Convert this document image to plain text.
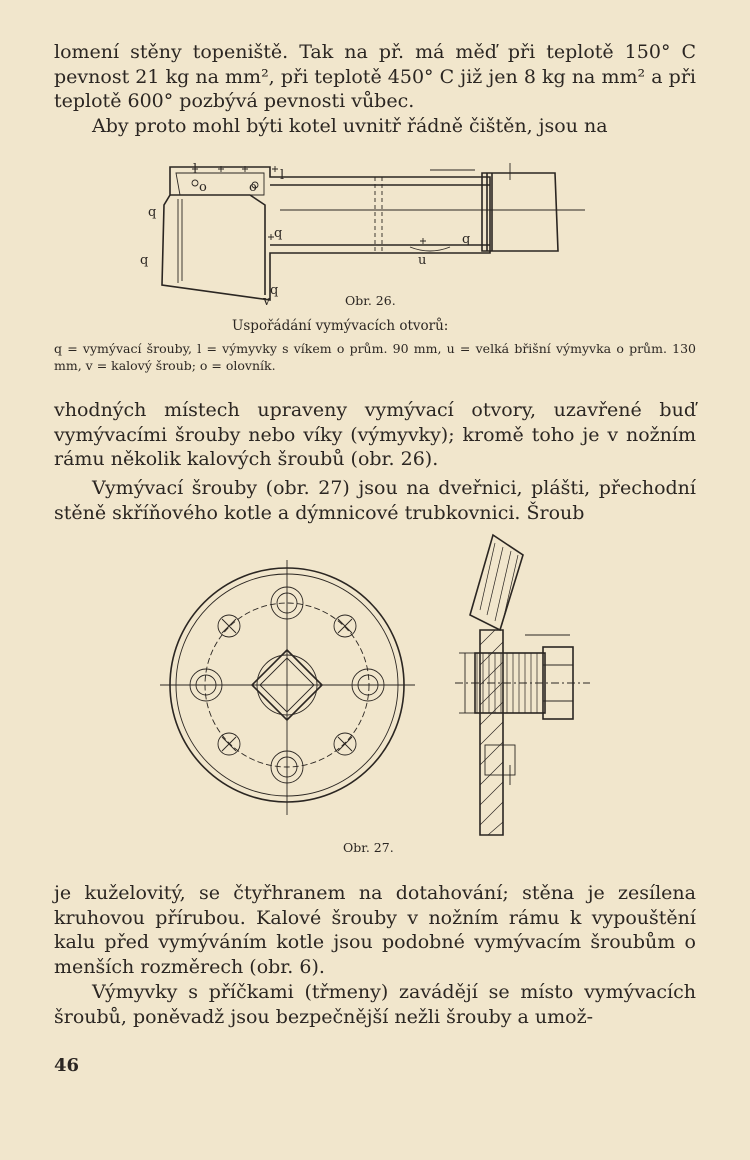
lomení stěny topeniště. Tak na př. má měď při teplotě 150° C pevnost 21 kg na mm², při teplotě 450° C již jen 8 kg na mm² a při teplotě 600° pozbývá pevnosti vůbec.

Aby proto mohl býti kotel uvnitř řádně čištěn, jsou na

q
q
q	q
q
l	l
o	o
u
v	Obr. 26.
Uspořádání vymývacích otvorů:

q = vymývací šrouby, l = výmyvky s víkem o prům. 90 mm, u = velká břišní výmyvka o prům. 130 mm, v = kalový šroub; o = olovník.

vhodných místech upraveny vymývací otvory, uzavřené buď vymývacími šrouby nebo víky (výmyvky); kromě toho je v nožním rámu několik kalových šroubů (obr. 26).

Vymývací šrouby (obr. 27) jsou na dveřnici, plášti, přechodní stěně skříňového kotle a dýmnicové trubkovnici. Šroub

Obr. 27.

je kuželovitý, se čtyřhranem na dotahování; stěna je zesílena kruhovou přírubou. Kalové šrouby v nožním rámu k vypouštění kalu před vymýváním kotle jsou podobné vymývacím šroubům o menších rozměrech (obr. 6).

Výmyvky s příčkami (třmeny) zavádějí se místo vymývacích šroubů, poněvadž jsou bezpečnější nežli šrouby a umož-

46
